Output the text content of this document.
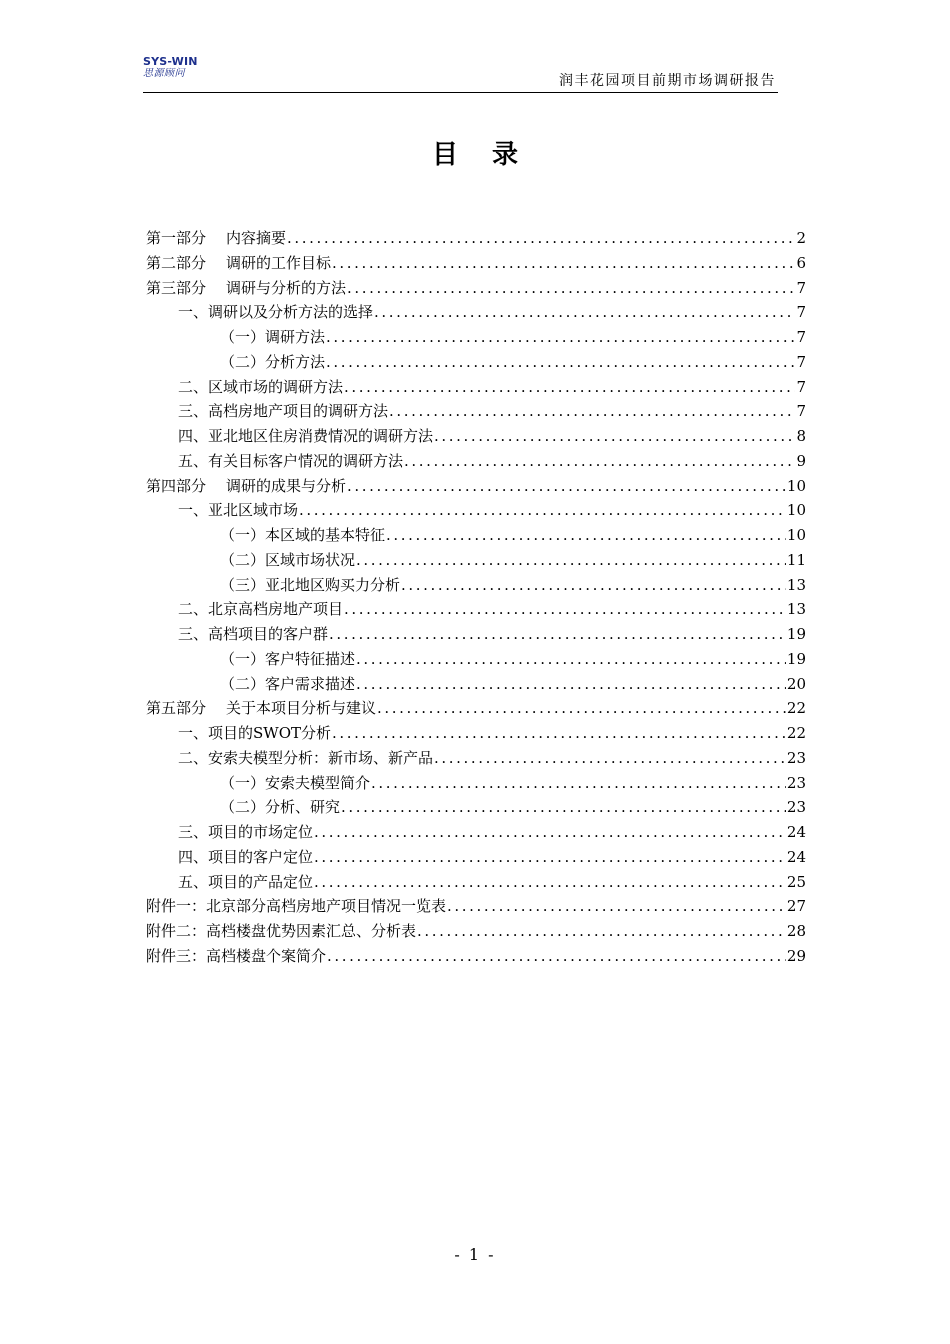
SYS-WIN
思源顾问	润丰花园项目前期市场调研报告
目录
第一部分 内容摘要 .....	2
第二部分 调研的工作目标 .....	6
第三部分 调研与分析的方法 .....	7
一、调研以及分析方法的选择 .....	7
（一）调研方法 .....	7
（二）分析方法 .....	7
二、区域市场的调研方法 .....	7
三、高档房地产项目的调研方法 .....	7
四、亚北地区住房消费情况的调研方法 .....	8
五、有关目标客户情况的调研方法 .....	9
第四部分 调研的成果与分析 .....	10
一、亚北区域市场 .....	10
（一）本区域的基本特征 .....	10
（二）区域市场状况 .....	11
（三）亚北地区购买力分析 .....	13
二、北京高档房地产项目 .....	13
三、高档项目的客户群 .....	19
（一）客户特征描述 .....	19
（二）客户需求描述 .....	20
第五部分 关于本项目分析与建议 .....	22
一、项目的SWOT分析 .....	22
二、安索夫模型分析：新市场、新产品 .....	23
（一）安索夫模型简介 .....	23
（二）分析、研究 .....	23
三、项目的市场定位 .....	24
四、项目的客户定位 .....	24
五、项目的产品定位 .....	25
附件一：北京部分高档房地产项目情况一览表 .....	27
附件二：高档楼盘优势因素汇总、分析表 .....	28
附件三：高档楼盘个案简介 .....	29
- 1 -
